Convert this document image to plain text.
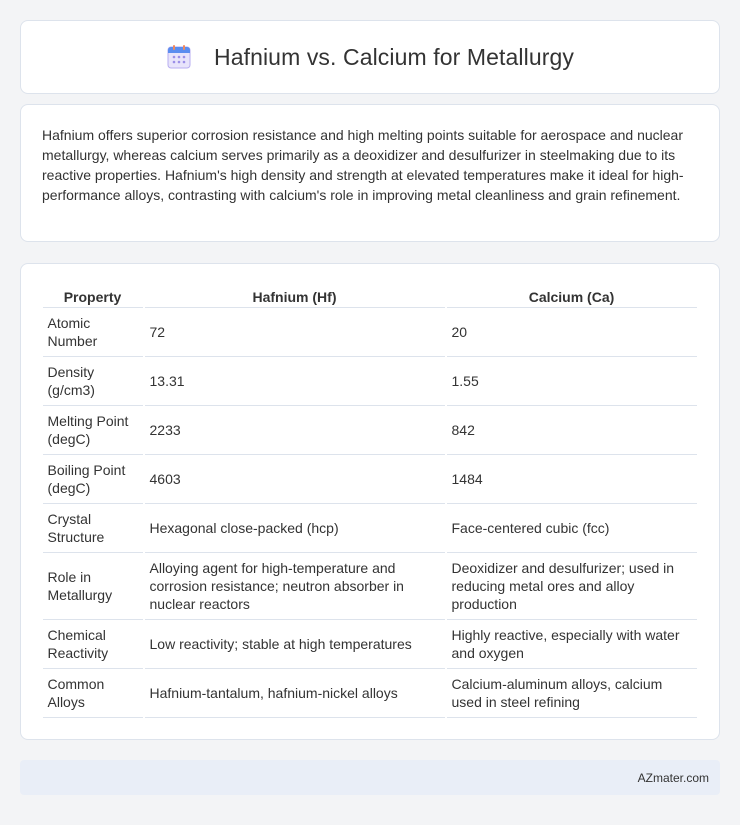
Hafnium vs. Calcium for Metallurgy

Hafnium offers superior corrosion resistance and high melting points suitable for aerospace and nuclear metallurgy, whereas calcium serves primarily as a deoxidizer and desulfurizer in steelmaking due to its reactive properties. Hafnium's high density and strength at elevated temperatures make it ideal for high-performance alloys, contrasting with calcium's role in improving metal cleanliness and grain refinement.

Property	Hafnium (Hf)	Calcium (Ca)
Atomic Number	72	20
Density (g/cm3)	13.31	1.55
Melting Point (degC)	2233	842
Boiling Point (degC)	4603	1484
Crystal Structure	Hexagonal close-packed (hcp)	Face-centered cubic (fcc)
Role in Metallurgy	Alloying agent for high-temperature and corrosion resistance; neutron absorber in nuclear reactors	Deoxidizer and desulfurizer; used in reducing metal ores and alloy production
Chemical Reactivity	Low reactivity; stable at high temperatures	Highly reactive, especially with water and oxygen
Common Alloys	Hafnium-tantalum, hafnium-nickel alloys	Calcium-aluminum alloys, calcium used in steel refining
AZmater.com
